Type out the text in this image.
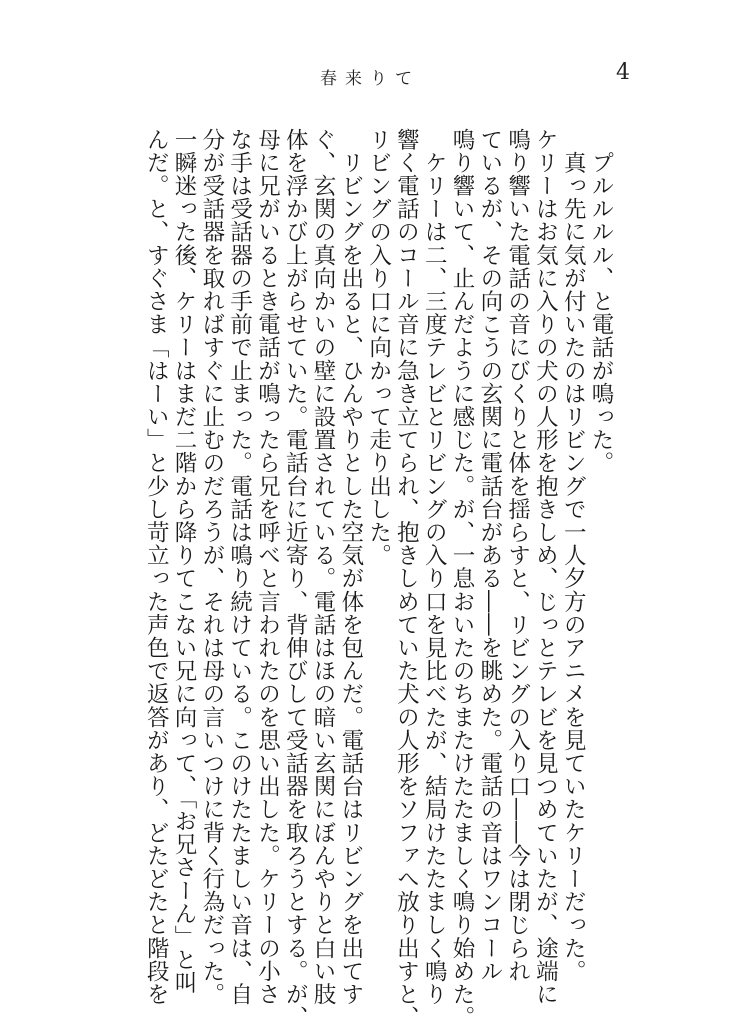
春来りて	4
　プルルルル、と電話が鳴った。
　真っ先に気が付いたのはリビングで一人夕方のアニメを見ていたケリーだった。
ケリーはお気に入りの犬の人形を抱きしめ、じっとテレビを見つめていたが、途端に
鳴り響いた電話の音にびくりと体を揺らすと、リビングの入り口――今は閉じられ
ているが、その向こうの玄関に電話台がある――を眺めた。電話の音はワンコール
鳴り響いて、止んだように感じた。が、一息おいたのちまたけたたましく鳴り始めた。
　ケリーは二、三度テレビとリビングの入り口を見比べたが、結局けたたましく鳴り
響く電話のコール音に急き立てられ、抱きしめていた犬の人形をソファへ放り出すと、
リビングの入り口に向かって走り出した。
　リビングを出ると、ひんやりとした空気が体を包んだ。電話台はリビングを出てす
ぐ、玄関の真向かいの壁に設置されている。電話はほの暗い玄関にぼんやりと白い肢
体を浮かび上がらせていた。電話台に近寄り、背伸びして受話器を取ろうとする。が、
母に兄がいるとき電話が鳴ったら兄を呼べと言われたのを思い出した。ケリーの小さ
な手は受話器の手前で止まった。電話は鳴り続けている。このけたたましい音は、自
分が受話器を取ればすぐに止むのだろうが、それは母の言いつけに背く行為だった。
一瞬迷った後、ケリーはまだ二階から降りてこない兄に向って、「お兄さーん」と叫
んだ。と、すぐさま「はーい」と少し苛立った声色で返答があり、どたどたと階段を
